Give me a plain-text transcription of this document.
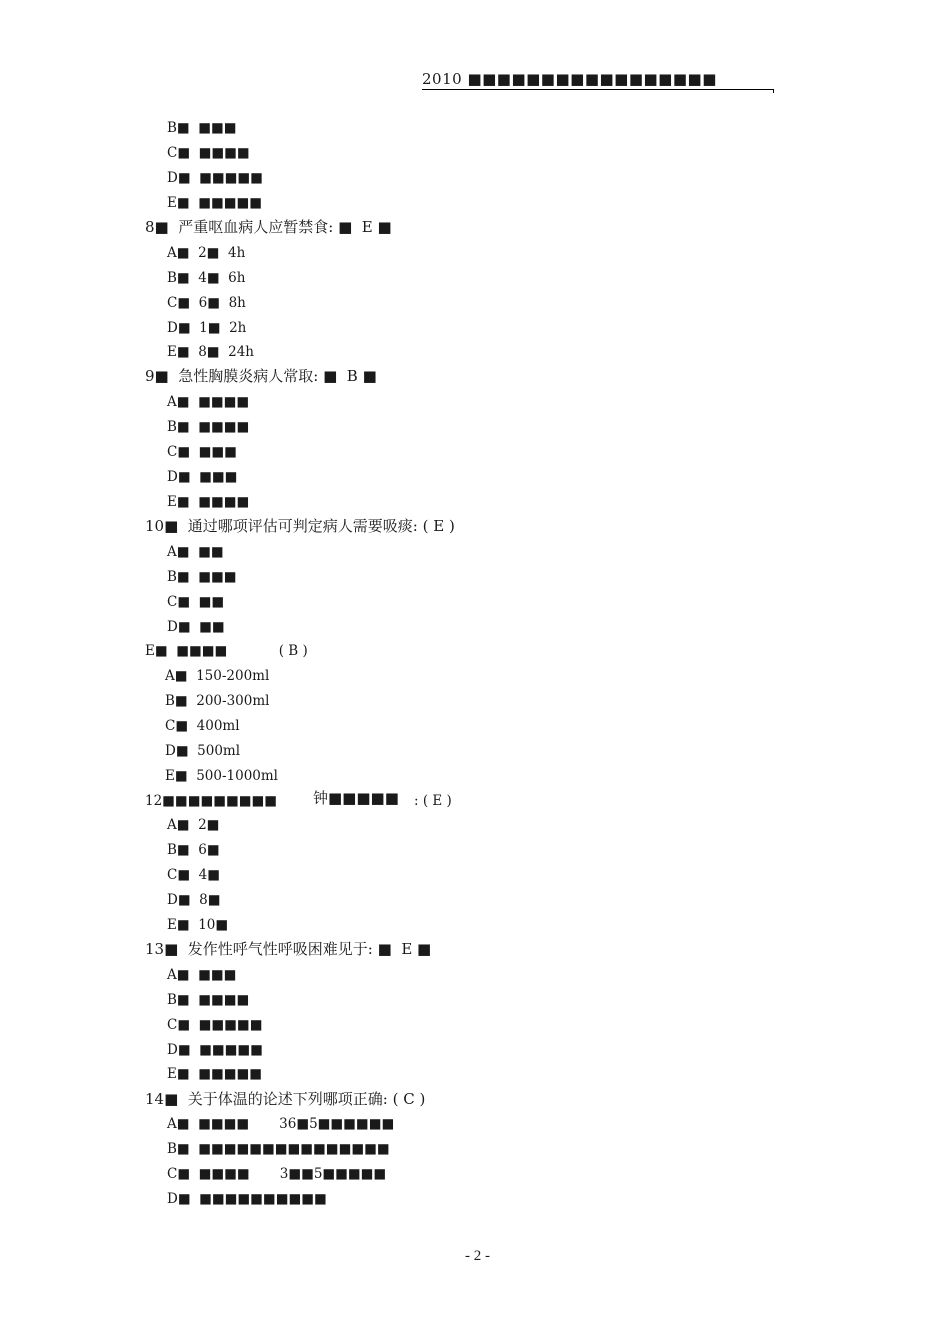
2010 ■■■■■■■■■■■■■■■■■
B■  ■■■
C■  ■■■■
D■  ■■■■■
E■  ■■■■■
8■  严重呕血病人应暂禁食: ■  E ■
A■  2■  4h
B■  4■  6h
C■  6■  8h
D■  1■  2h
E■  8■  24h
9■  急性胸膜炎病人常取: ■  B ■
A■  ■■■■
B■  ■■■■
C■  ■■■
D■  ■■■
E■  ■■■■
10■  通过哪项评估可判定病人需要吸痰: ( E )
A■  ■■
B■  ■■■
C■  ■■
D■  ■■
E■  ■■■■            ( B )
A■  150-200ml
B■  200-300ml
C■  400ml
D■  500ml
E■  500-1000ml
12■■■■■■■■■ 钟■■■■■ : ( E )
A■  2■
B■  6■
C■  4■
D■  8■
E■  10■
13■  发作性呼气性呼吸困难见于: ■  E ■
A■  ■■■
B■  ■■■■
C■  ■■■■■
D■  ■■■■■
E■  ■■■■■
14■  关于体温的论述下列哪项正确: ( C )
A■  ■■■■       36■5■■■■■■
B■  ■■■■■■■■■■■■■■■
C■  ■■■■       3■■5■■■■■
D■  ■■■■■■■■■■
- 2 -
